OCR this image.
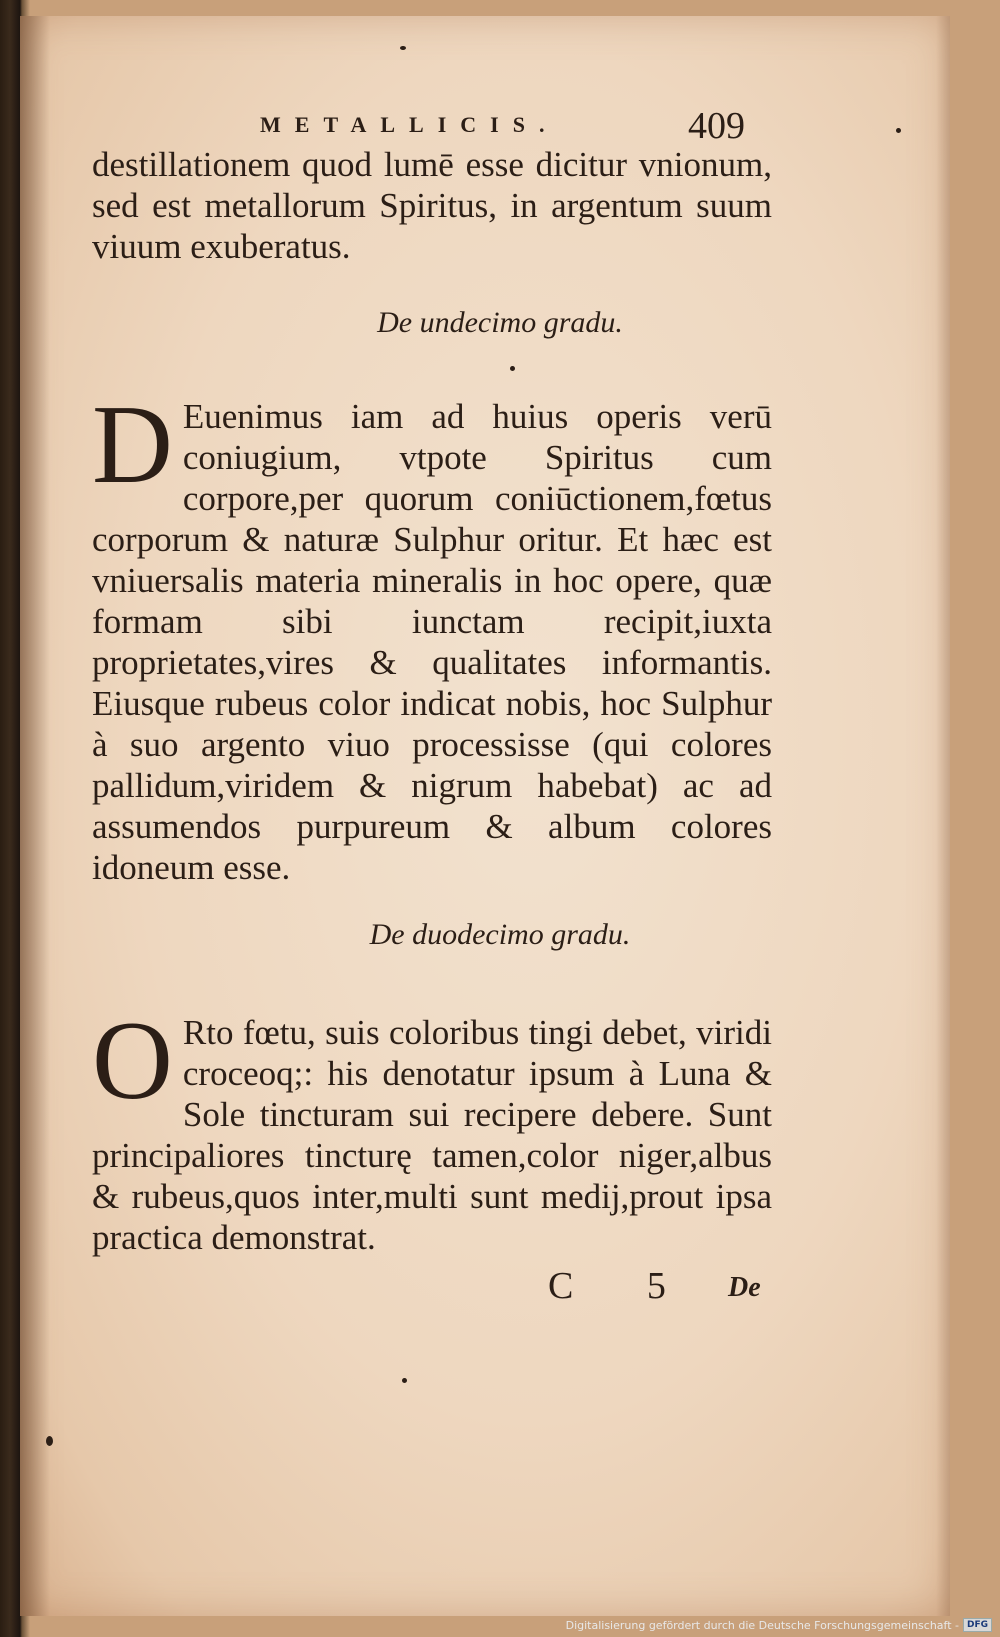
METALLICIS.	409

destillationem quod lumē esse dicitur vnionum, sed est metallorum Spiritus, in argentum suum viuum exuberatus.

De undecimo gradu.
D Euenimus iam ad huius operis verū coniugium, vtpote Spiritus cum corpore,per quorum coniūctionem,fœtus corporum & naturæ Sulphur oritur. Et hæc est vniuersalis materia mineralis in hoc opere, quæ formam sibi iunctam recipit,iuxta proprietates,vires & qualitates informantis. Eiusque rubeus color indicat nobis, hoc Sulphur à suo argento viuo processisse (qui colores pallidum,viridem & nigrum habebat) ac ad assumendos purpureum & album colores idoneum esse.

De duodecimo gradu.
O Rto fœtu, suis coloribus tingi debet, viridi croceoq;: his denotatur ipsum à Luna & Sole tincturam sui recipere debere. Sunt principaliores tincturę tamen,color niger,albus & rubeus,quos inter,multi sunt medij,prout ipsa practica demonstrat.

C 5 De
Digitalisierung gefördert durch die Deutsche Forschungsgemeinschaft - DFG
